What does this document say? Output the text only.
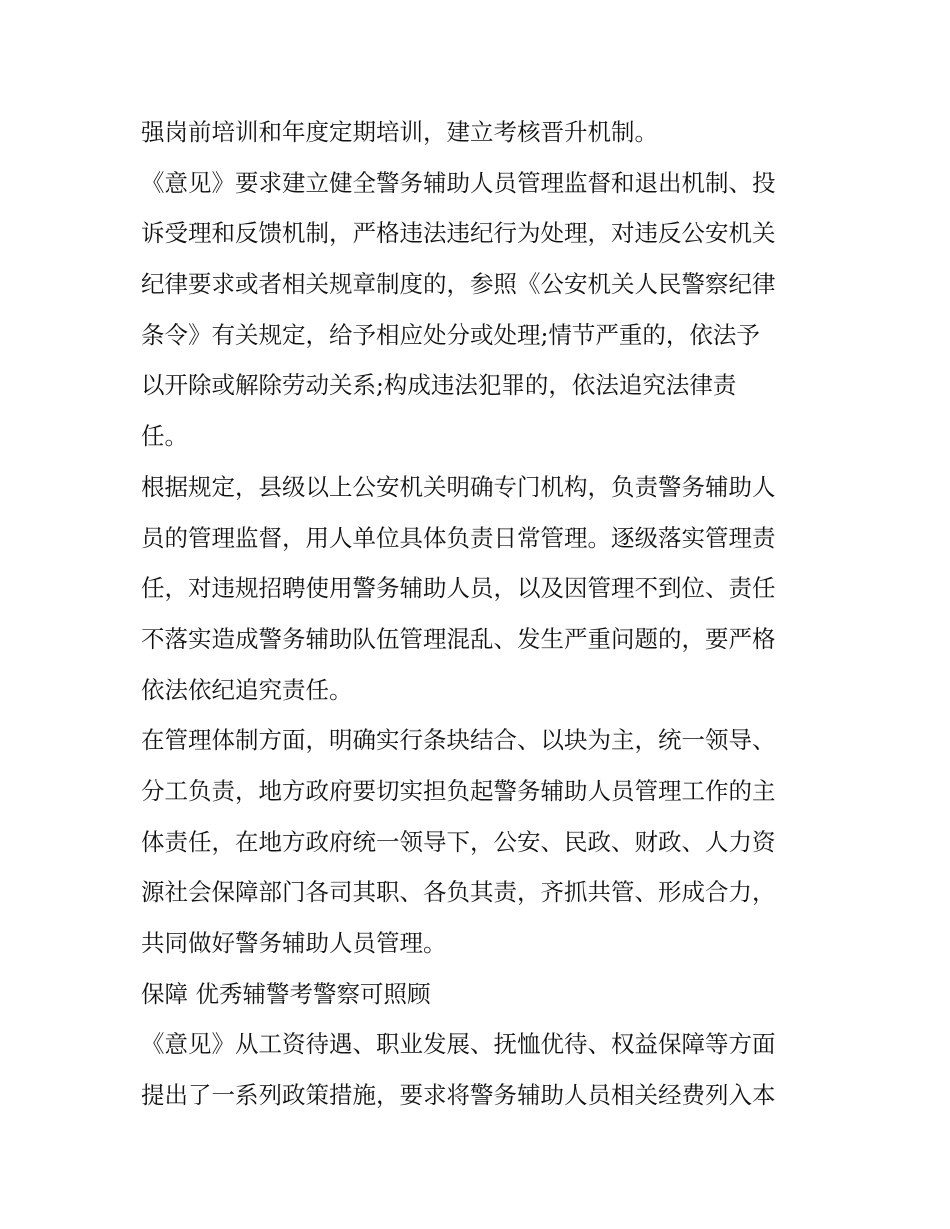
强岗前培训和年度定期培训，建立考核晋升机制。
《意见》要求建立健全警务辅助人员管理监督和退出机制、投
诉受理和反馈机制，严格违法违纪行为处理，对违反公安机关
纪律要求或者相关规章制度的，参照《公安机关人民警察纪律
条令》有关规定，给予相应处分或处理;情节严重的，依法予
以开除或解除劳动关系;构成违法犯罪的，依法追究法律责
任。
根据规定，县级以上公安机关明确专门机构，负责警务辅助人
员的管理监督，用人单位具体负责日常管理。逐级落实管理责
任，对违规招聘使用警务辅助人员，以及因管理不到位、责任
不落实造成警务辅助队伍管理混乱、发生严重问题的，要严格
依法依纪追究责任。
在管理体制方面，明确实行条块结合、以块为主，统一领导、
分工负责，地方政府要切实担负起警务辅助人员管理工作的主
体责任，在地方政府统一领导下，公安、民政、财政、人力资
源社会保障部门各司其职、各负其责，齐抓共管、形成合力，
共同做好警务辅助人员管理。
保障 优秀辅警考警察可照顾
《意见》从工资待遇、职业发展、抚恤优待、权益保障等方面
提出了一系列政策措施，要求将警务辅助人员相关经费列入本
